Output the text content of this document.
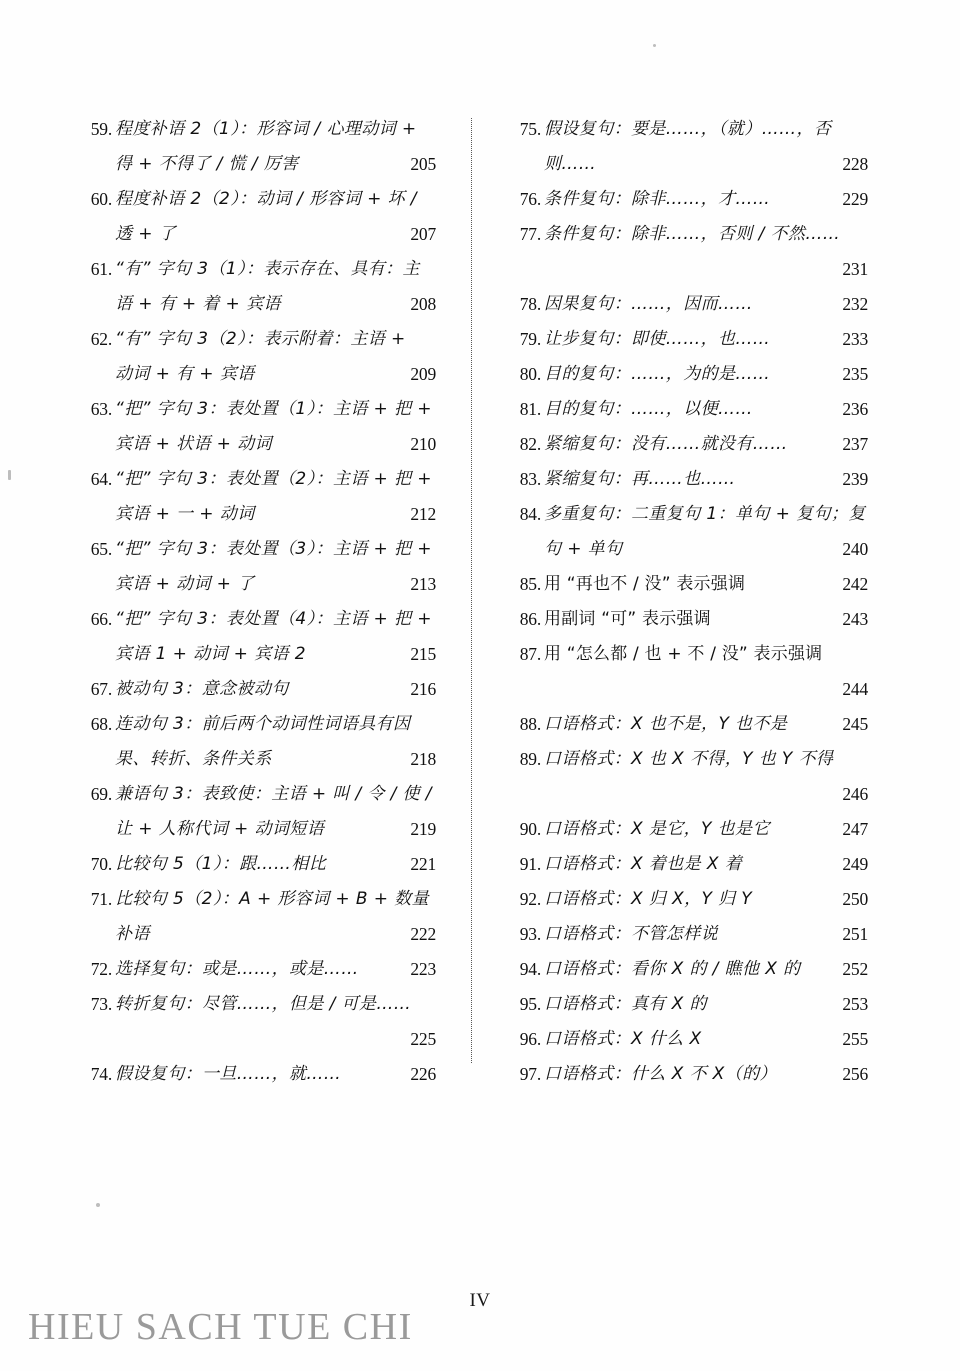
59. 程度补语 2（1）：形容词 / 心理动词 +
得 + 不得了 / 慌 / 厉害	205
60. 程度补语 2（2）：动词 / 形容词 + 坏 /
透 + 了	207
61. “有” 字句 3（1）：表示存在、具有：主
语 + 有 + 着 + 宾语	208
62. “有” 字句 3（2）：表示附着：主语 +
动词 + 有 + 宾语	209
63. “把” 字句 3：表处置（1）：主语 + 把 +
宾语 + 状语 + 动词	210
64. “把” 字句 3：表处置（2）：主语 + 把 +
宾语 + 一 + 动词	212
65. “把” 字句 3：表处置（3）：主语 + 把 +
宾语 + 动词 + 了	213
66. “把” 字句 3：表处置（4）：主语 + 把 +
宾语 1 + 动词 + 宾语 2	215
67. 被动句 3：意念被动句	216
68. 连动句 3：前后两个动词性词语具有因
果、转折、条件关系	218
69. 兼语句 3：表致使：主语 + 叫 / 令 / 使 /
让 + 人称代词 + 动词短语	219
70. 比较句 5（1）：跟……相比	221
71. 比较句 5（2）：A + 形容词 + B + 数量
补语	222
72. 选择复句：或是……，或是……	223
73. 转折复句：尽管……，但是 / 可是……
225
74. 假设复句：一旦……，就……	226
75. 假设复句：要是……，（就）……，否
则……	228
76. 条件复句：除非……，才……	229
77. 条件复句：除非……，否则 / 不然……
231
78. 因果复句：……，因而……	232
79. 让步复句：即使……，也……	233
80. 目的复句：……，为的是……	235
81. 目的复句：……，以便……	236
82. 紧缩复句：没有……就没有……	237
83. 紧缩复句：再……也……	239
84. 多重复句：二重复句 1：单句 + 复句；复
句 + 单句	240
85. 用 “再也不 / 没” 表示强调	242
86. 用副词 “可” 表示强调	243
87. 用 “怎么都 / 也 + 不 / 没” 表示强调
244
88. 口语格式：X 也不是，Y 也不是	245
89. 口语格式：X 也 X 不得，Y 也 Y 不得
246
90. 口语格式：X 是它，Y 也是它	247
91. 口语格式：X 着也是 X 着	249
92. 口语格式：X 归 X，Y 归 Y	250
93. 口语格式：不管怎样说	251
94. 口语格式：看你 X 的 / 瞧他 X 的 252
95. 口语格式：真有 X 的	253
96. 口语格式：X 什么 X	255
97. 口语格式：什么 X 不 X（的）	256
IV
HIEU SACH TUE CHI
